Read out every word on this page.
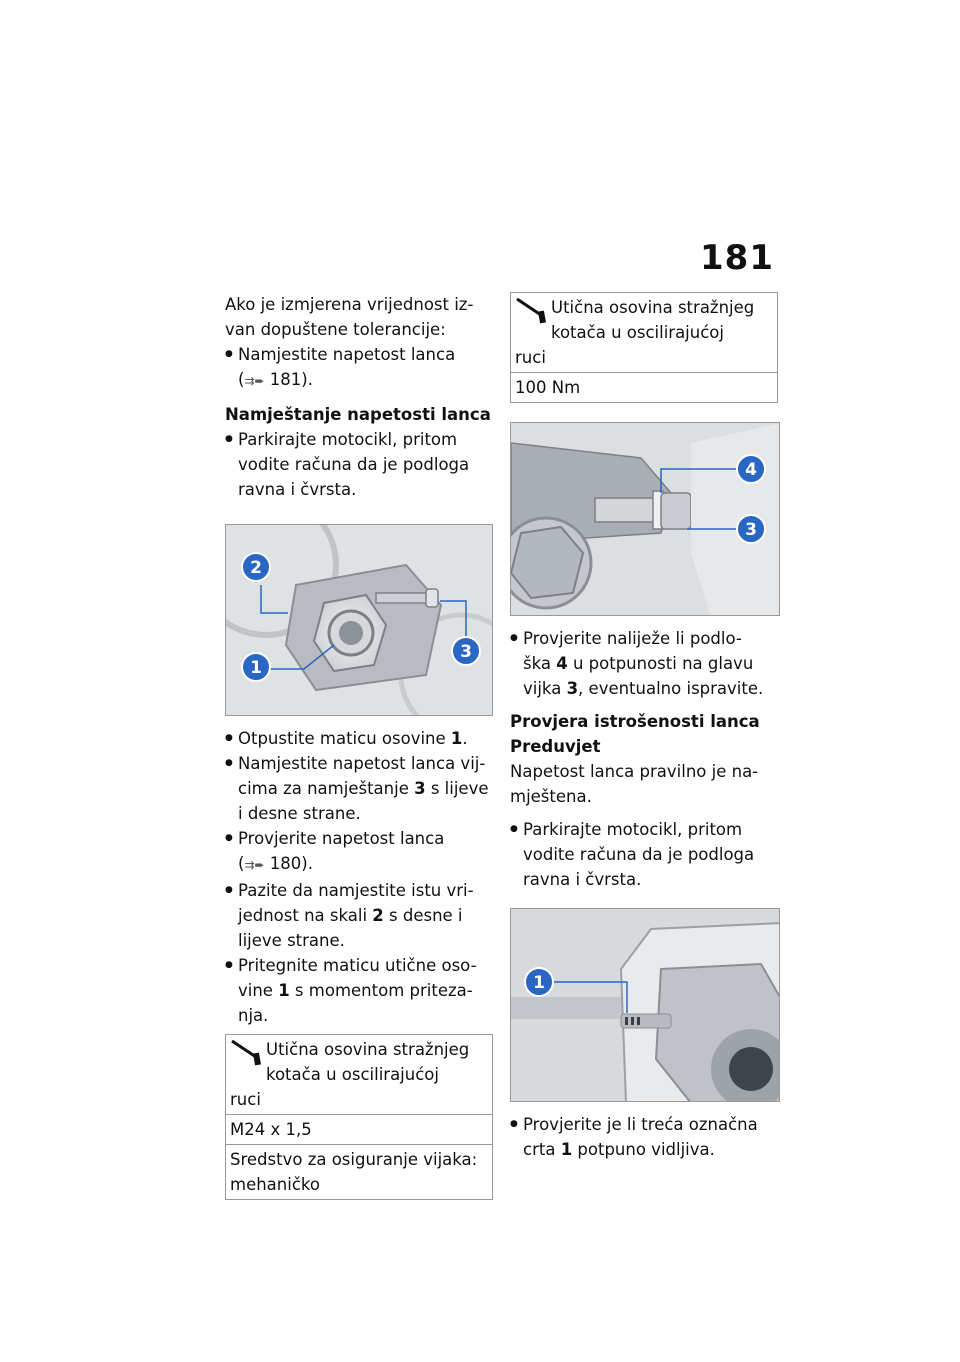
181

Ako je izmjerena vrijednost iz-
van dopuštene tolerancije:

● Namjestite napetost lanca
(⇉➨ 181).

Namještanje napetosti lanca

● Parkirajte motocikl, pritom
vodite računa da je podloga
ravna i čvrsta.

2
1
3

● Otpustite maticu osovine 1.

● Namjestite napetost lanca vij-
cima za namještanje 3 s lijeve
i desne strane.

● Provjerite napetost lanca
(⇉➨ 180).

● Pazite da namjestite istu vri-
jednost na skali 2 s desne i
lijeve strane.

● Pritegnite maticu utične oso-
vine 1 s momentom priteza-
nja.

Utična osovina stražnjeg
kotača u oscilirajućoj
ruci
M24 x 1,5
Sredstvo za osiguranje vijaka:
mehaničko
Utična osovina stražnjeg
kotača u oscilirajućoj
ruci
100 Nm
4
3

● Provjerite naliježe li podlo-
ška 4 u potpunosti na glavu
vijka 3, eventualno ispravite.

Provjera istrošenosti lanca

Preduvjet

Napetost lanca pravilno je na-
mještena.

● Parkirajte motocikl, pritom
vodite računa da je podloga
ravna i čvrsta.

1

● Provjerite je li treća označna
crta 1 potpuno vidljiva.
